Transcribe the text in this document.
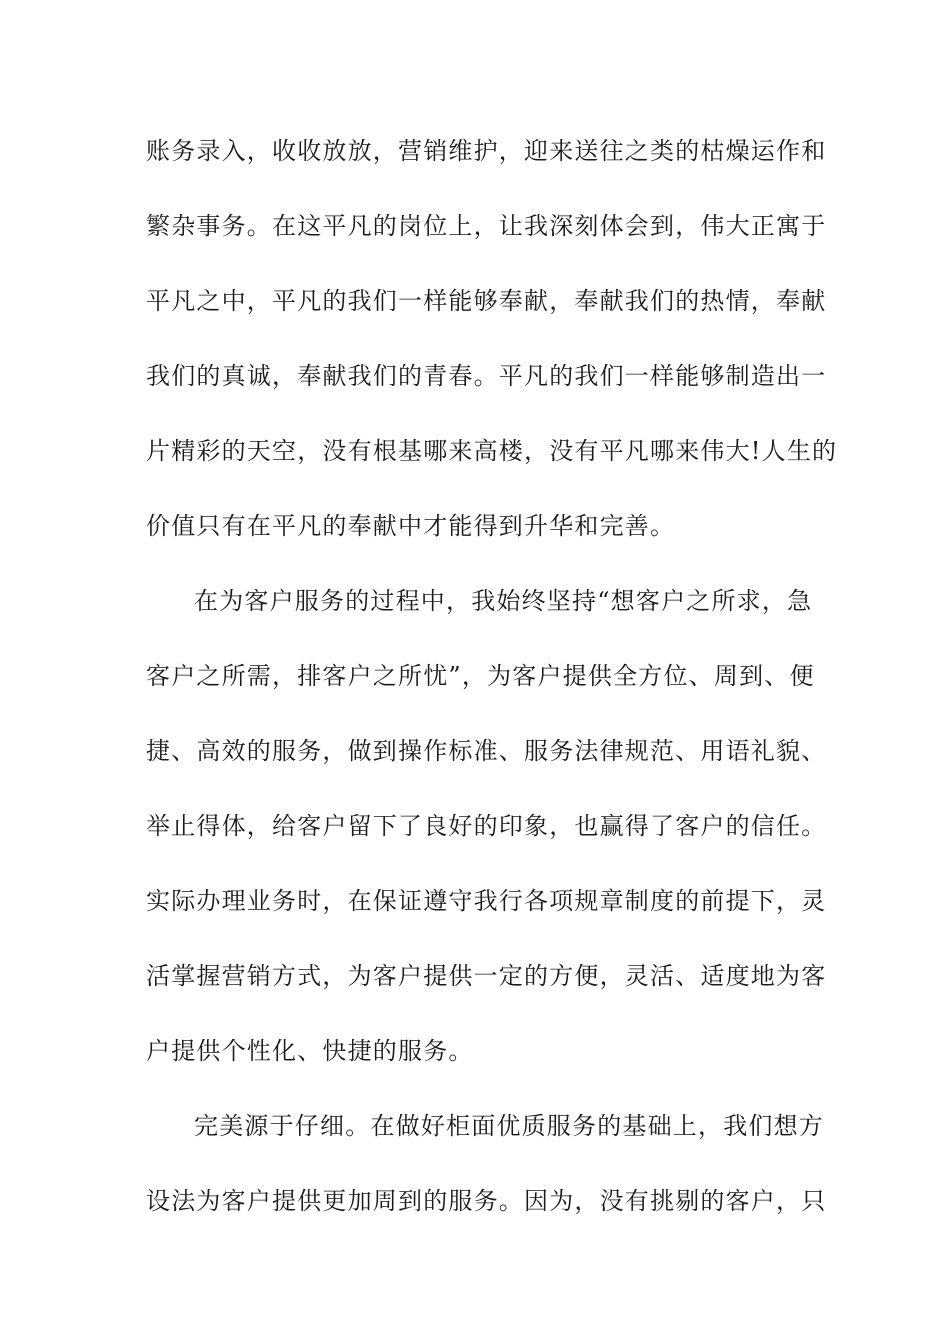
账务录入，收收放放，营销维护，迎来送往之类的枯燥运作和
繁杂事务。在这平凡的岗位上，让我深刻体会到，伟大正寓于
平凡之中，平凡的我们一样能够奉献，奉献我们的热情，奉献
我们的真诚，奉献我们的青春。平凡的我们一样能够制造出一
片精彩的天空，没有根基哪来高楼，没有平凡哪来伟大!人生的
价值只有在平凡的奉献中才能得到升华和完善。
在为客户服务的过程中，我始终坚持“想客户之所求，急
客户之所需，排客户之所忧”，为客户提供全方位、周到、便
捷、高效的服务，做到操作标准、服务法律规范、用语礼貌、
举止得体，给客户留下了良好的印象，也赢得了客户的信任。
实际办理业务时，在保证遵守我行各项规章制度的前提下，灵
活掌握营销方式，为客户提供一定的方便，灵活、适度地为客
户提供个性化、快捷的服务。
完美源于仔细。在做好柜面优质服务的基础上，我们想方
设法为客户提供更加周到的服务。因为，没有挑剔的客户，只
